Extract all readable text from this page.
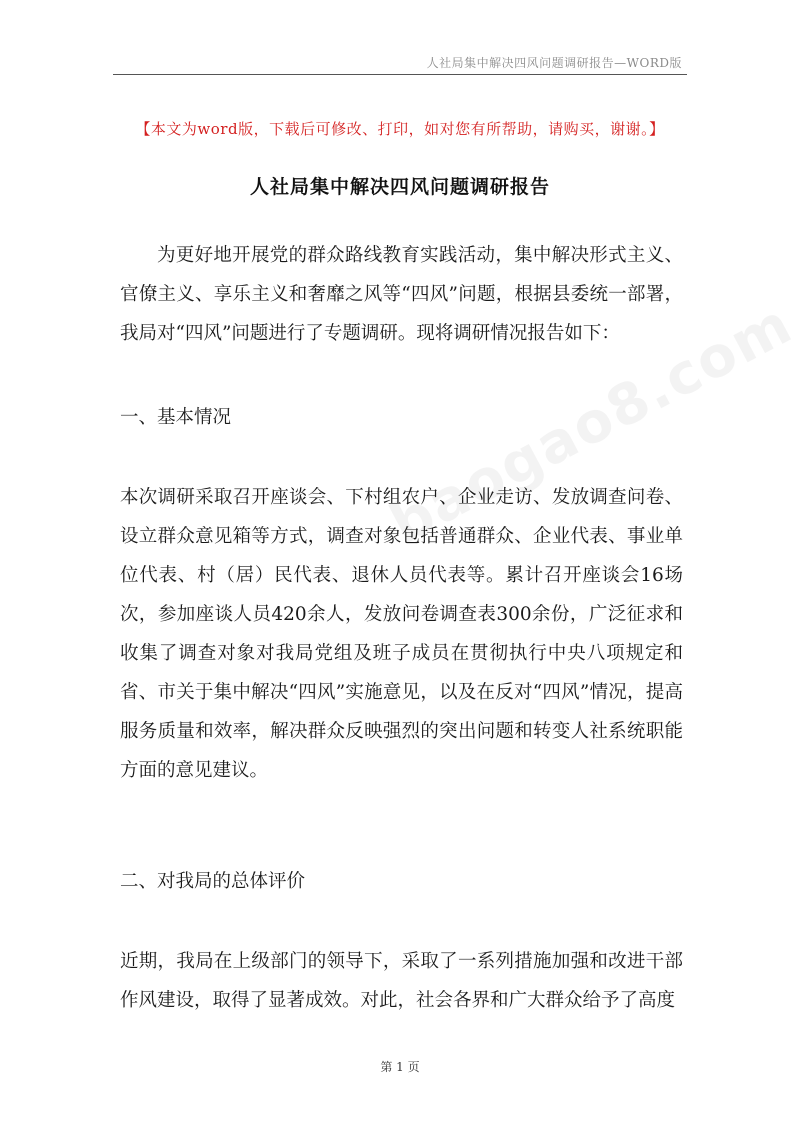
人社局集中解决四风问题调研报告—WORD版
【本文为word版，下载后可修改、打印，如对您有所帮助，请购买，谢谢。】
人社局集中解决四风问题调研报告
为更好地开展党的群众路线教育实践活动，集中解决形式主义、官僚主义、享乐主义和奢靡之风等“四风”问题，根据县委统一部署，我局对“四风”问题进行了专题调研。现将调研情况报告如下：
一、基本情况
本次调研采取召开座谈会、下村组农户、企业走访、发放调查问卷、设立群众意见箱等方式，调查对象包括普通群众、企业代表、事业单位代表、村（居）民代表、退休人员代表等。累计召开座谈会16场次，参加座谈人员420余人，发放问卷调查表300余份，广泛征求和收集了调查对象对我局党组及班子成员在贯彻执行中央八项规定和省、市关于集中解决“四风”实施意见，以及在反对“四风”情况，提高服务质量和效率，解决群众反映强烈的突出问题和转变人社系统职能方面的意见建议。
二、对我局的总体评价
近期，我局在上级部门的领导下，采取了一系列措施加强和改进干部作风建设，取得了显著成效。对此，社会各界和广大群众给予了高度
第 1 页
